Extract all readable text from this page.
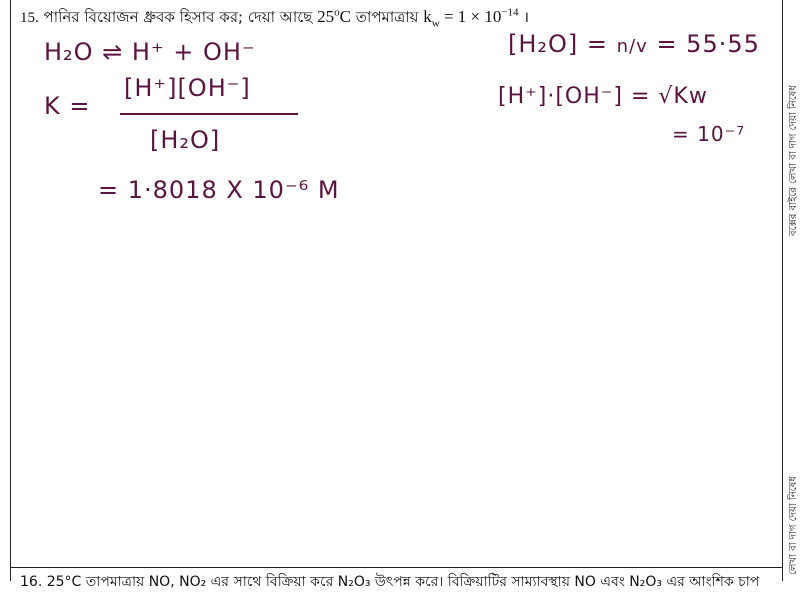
15. পানির বিয়োজন ধ্রুবক হিসাব কর; দেয়া আছে 25$^o$C তাপমাত্রায় $k_w = 1 \times 10^{-14}$ ।
H₂O ⇌ H⁺ + OH⁻
K =
[H⁺][OH⁻]
[H₂O]
= 1·8018 X 10⁻⁶ M
[H₂O] = n/v = 55·55
[H⁺]·[OH⁻] = √Kw
= 10⁻⁷	বক্সের বাইরে লেখা বা দাগ দেয়া নিষেধ
লেখা বা দাগ দেয়া নিষেধ
16. 25°C তাপমাত্রায় NO, NO₂ এর সাথে বিক্রিয়া করে N₂O₃ উৎপন্ন করে। বিক্রিয়াটির সাম্যাবস্থায় NO এবং N₂O₃ এর আংশিক চাপ
